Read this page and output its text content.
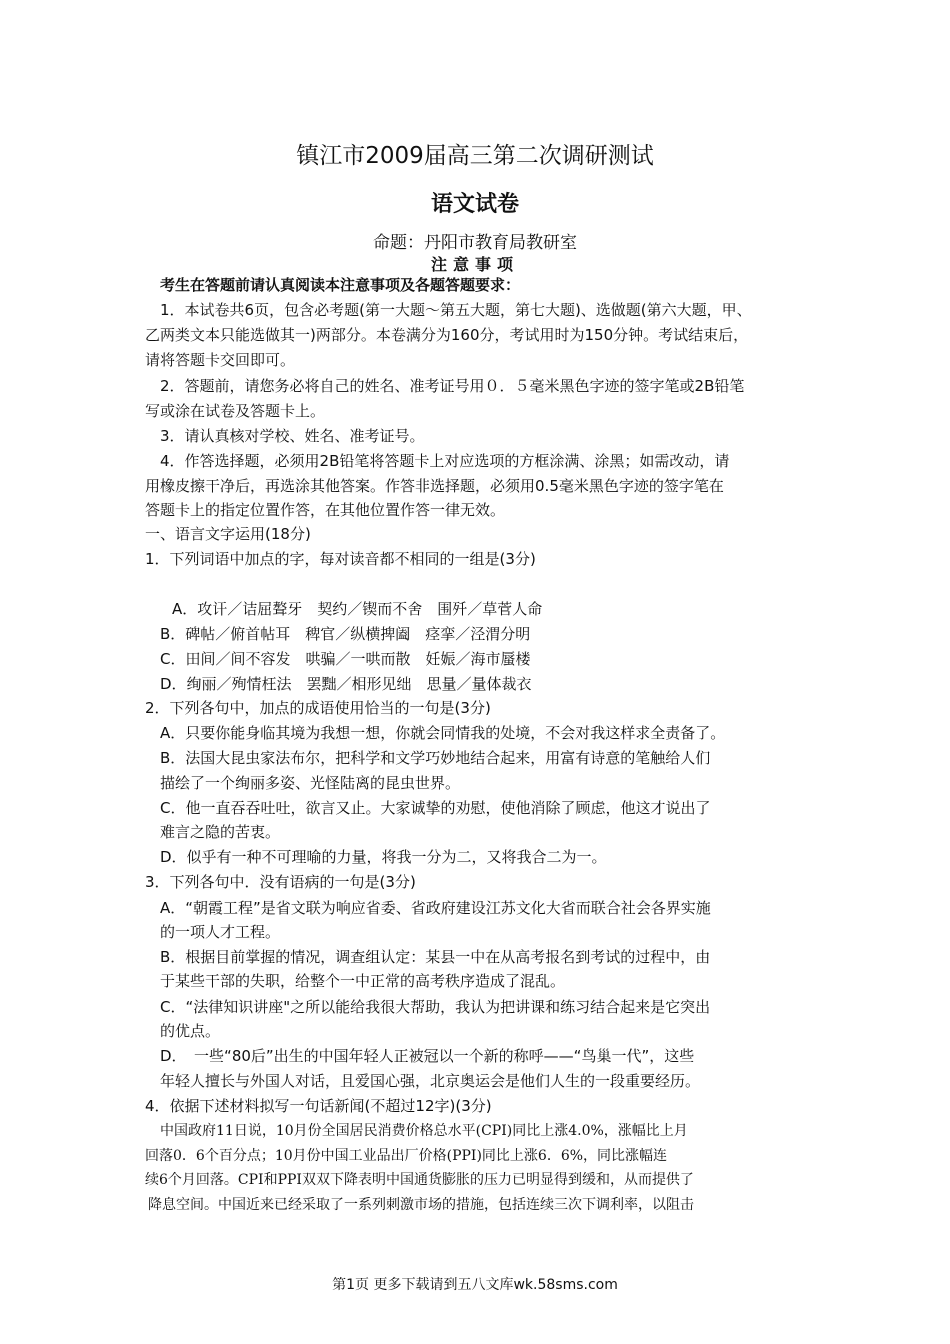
镇江市2009届高三第二次调研测试
语文试卷
命题：丹阳市教育局教研室
注意事项
考生在答题前请认真阅读本注意事项及各题答题要求：
1．本试卷共6页，包含必考题(第一大题～第五大题，第七大题)、选做题(第六大题，甲、
乙两类文本只能选做其一)两部分。本卷满分为160分，考试用时为150分钟。考试结束后，
请将答题卡交回即可。
2．答题前，请您务必将自己的姓名、准考证号用０．５毫米黑色字迹的签字笔或2B铅笔
写或涂在试卷及答题卡上。
3．请认真核对学校、姓名、准考证号。
4．作答选择题，必须用2B铅笔将答题卡上对应选项的方框涂满、涂黑；如需改动，请
用橡皮擦干净后，再选涂其他答案。作答非选择题，必须用0.5毫米黑色字迹的签字笔在
答题卡上的指定位置作答，在其他位置作答一律无效。
一、语言文字运用(18分)
1．下列词语中加点的字，每对读音都不相同的一组是(3分)
A．攻讦／诘屈聱牙　契约／锲而不舍　围歼／草菅人命
B．碑帖／俯首帖耳　稗官／纵横捭阖　痉挛／泾渭分明
C．田间／间不容发　哄骗／一哄而散　妊娠／海市蜃楼
D．绚丽／殉情枉法　罢黜／相形见绌　思量／量体裁衣
2．下列各句中，加点的成语使用恰当的一句是(3分)
A．只要你能身临其境为我想一想，你就会同情我的处境，不会对我这样求全责备了。
B．法国大昆虫家法布尔，把科学和文学巧妙地结合起来，用富有诗意的笔触给人们
描绘了一个绚丽多姿、光怪陆离的昆虫世界。
C．他一直吞吞吐吐，欲言又止。大家诚挚的劝慰，使他消除了顾虑，他这才说出了
难言之隐的苦衷。
D．似乎有一种不可理喻的力量，将我一分为二，又将我合二为一。
3．下列各句中．没有语病的一句是(3分)
A．“朝霞工程”是省文联为响应省委、省政府建设江苏文化大省而联合社会各界实施
的一项人才工程。
B．根据目前掌握的情况，调查组认定：某县一中在从高考报名到考试的过程中，由
于某些干部的失职，给整个一中正常的高考秩序造成了混乱。
C．“法律知识讲座"之所以能给我很大帮助，我认为把讲课和练习结合起来是它突出
的优点。
D．　一些“80后”出生的中国年轻人正被冠以一个新的称呼——“鸟巢一代”，这些
年轻人擅长与外国人对话，且爱国心强，北京奥运会是他们人生的一段重要经历。
4．依据下述材料拟写一句话新闻(不超过12字)(3分)
中国政府11日说，10月份全国居民消费价格总水平(CPI)同比上涨4.0%，涨幅比上月
回落0．6个百分点；10月份中国工业品出厂价格(PPI)同比上涨6．6%，同比涨幅连
续6个月回落。CPI和PPI双双下降表明中国通货膨胀的压力已明显得到缓和，从而提供了
降息空间。中国近来已经采取了一系列刺激市场的措施，包括连续三次下调利率，以阻击
第1页 更多下载请到五八文库wk.58sms.com
